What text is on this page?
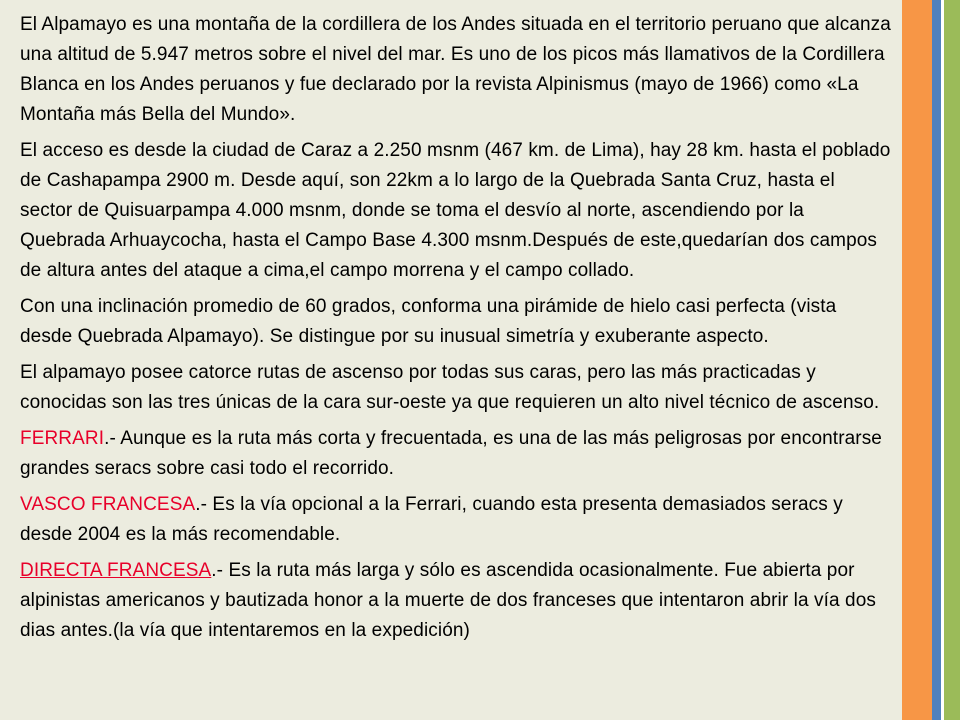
El Alpamayo es una montaña de la cordillera de los Andes situada en el territorio peruano que alcanza una altitud de 5.947 metros sobre el nivel del mar. Es uno de los picos más llamativos de la Cordillera Blanca en los Andes peruanos y fue declarado por la revista Alpinismus (mayo de 1966) como «La Montaña más Bella del Mundo».

El acceso es desde la ciudad de Caraz a 2.250 msnm (467 km. de Lima), hay 28 km. hasta el poblado de Cashapampa 2900 m. Desde aquí, son 22km a lo largo de la Quebrada Santa Cruz, hasta el sector de Quisuarpampa 4.000 msnm, donde se toma el desvío al norte, ascendiendo por la Quebrada Arhuaycocha, hasta el Campo Base 4.300 msnm.Después de este,quedarían dos campos de altura antes del ataque a cima,el campo morrena y el campo collado.

Con una inclinación promedio de 60 grados, conforma una pirámide de hielo casi perfecta (vista desde Quebrada Alpamayo). Se distingue por su inusual simetría y exuberante aspecto.

El alpamayo posee catorce rutas de ascenso por todas sus caras, pero las más practicadas y conocidas son las tres únicas de la cara sur-oeste ya que requieren un alto nivel técnico de ascenso.

FERRARI.- Aunque es la ruta más corta y frecuentada, es una de las más peligrosas por encontrarse grandes seracs sobre casi todo el recorrido.

VASCO FRANCESA.- Es la vía opcional a la Ferrari, cuando esta presenta demasiados seracs y desde 2004 es la más recomendable.

DIRECTA FRANCESA.- Es la ruta más larga y sólo es ascendida ocasionalmente. Fue abierta por alpinistas americanos y bautizada honor a la muerte de dos franceses que intentaron abrir la vía dos dias antes.(la vía que intentaremos en la expedición)
